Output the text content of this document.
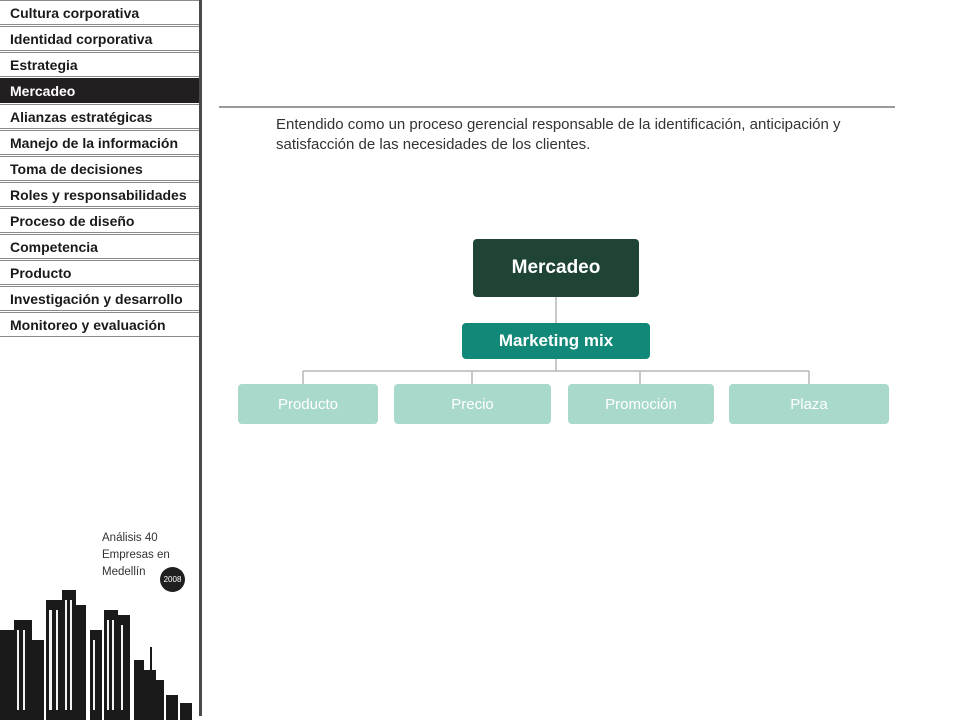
Cultura corporativa
Identidad corporativa
Estrategia
Mercadeo
Alianzas estratégicas
Manejo de la información
Toma de decisiones
Roles y responsabilidades
Proceso de diseño
Competencia
Producto
Investigación y desarrollo
Monitoreo y evaluación
Análisis 40
Empresas en
Medellín
2008
Entendido como un proceso gerencial responsable de la identificación, anticipación y satisfacción de las necesidades de los clientes.
Mercadeo
Marketing mix
Producto	Precio	Promoción	Plaza
